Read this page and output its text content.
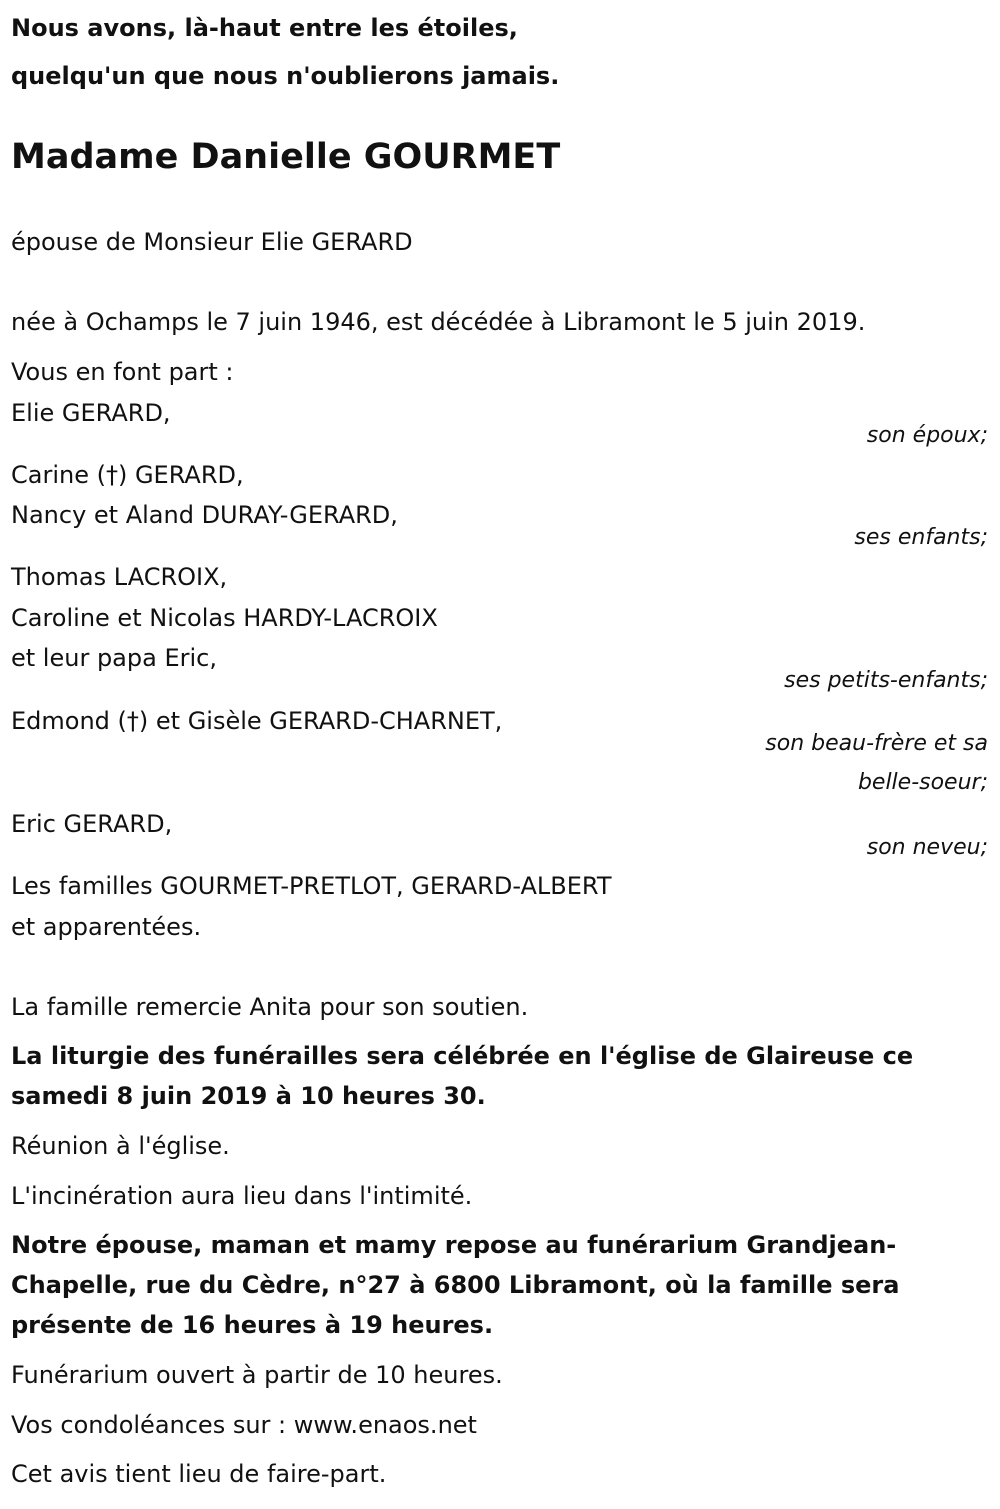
Nous avons, là-haut entre les étoiles,
quelqu'un que nous n'oublierons jamais.
Madame Danielle GOURMET
épouse de Monsieur Elie GERARD
née à Ochamps le 7 juin 1946, est décédée à Libramont le 5 juin 2019.
Vous en font part :
Elie GERARD,
son époux;
Carine (†) GERARD,
Nancy et Aland DURAY-GERARD,
ses enfants;
Thomas LACROIX,
Caroline et Nicolas HARDY-LACROIX
et leur papa Eric,
ses petits-enfants;
Edmond (†) et Gisèle GERARD-CHARNET,
son beau-frère et sa
belle-soeur;
Eric GERARD,
son neveu;
Les familles GOURMET-PRETLOT, GERARD-ALBERT
et apparentées.
La famille remercie Anita pour son soutien.
La liturgie des funérailles sera célébrée en l'église de Glaireuse ce
samedi 8 juin 2019 à 10 heures 30.
Réunion à l'église.
L'incinération aura lieu dans l'intimité.
Notre épouse, maman et mamy repose au funérarium Grandjean-
Chapelle, rue du Cèdre, n°27 à 6800 Libramont, où la famille sera
présente de 16 heures à 19 heures.
Funérarium ouvert à partir de 10 heures.
Vos condoléances sur : www.enaos.net
Cet avis tient lieu de faire-part.
